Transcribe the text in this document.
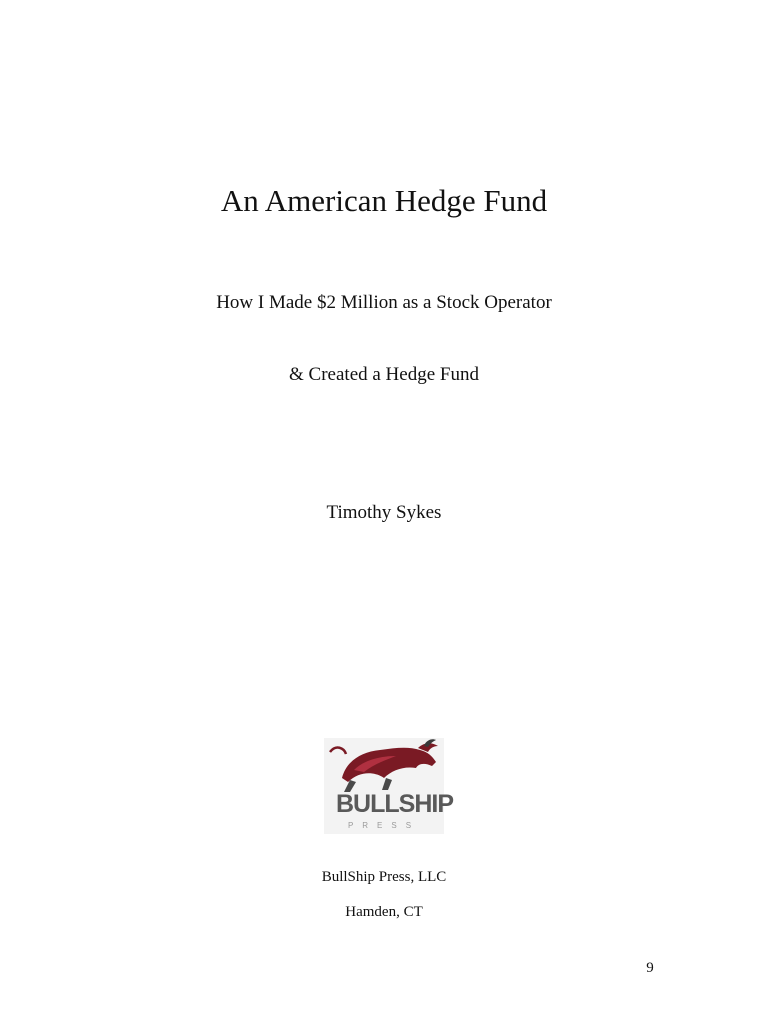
An American Hedge Fund
How I Made $2 Million as a Stock Operator
& Created a Hedge Fund
Timothy Sykes
BULLSHIP
PRESS
BullShip Press, LLC
Hamden, CT
9
